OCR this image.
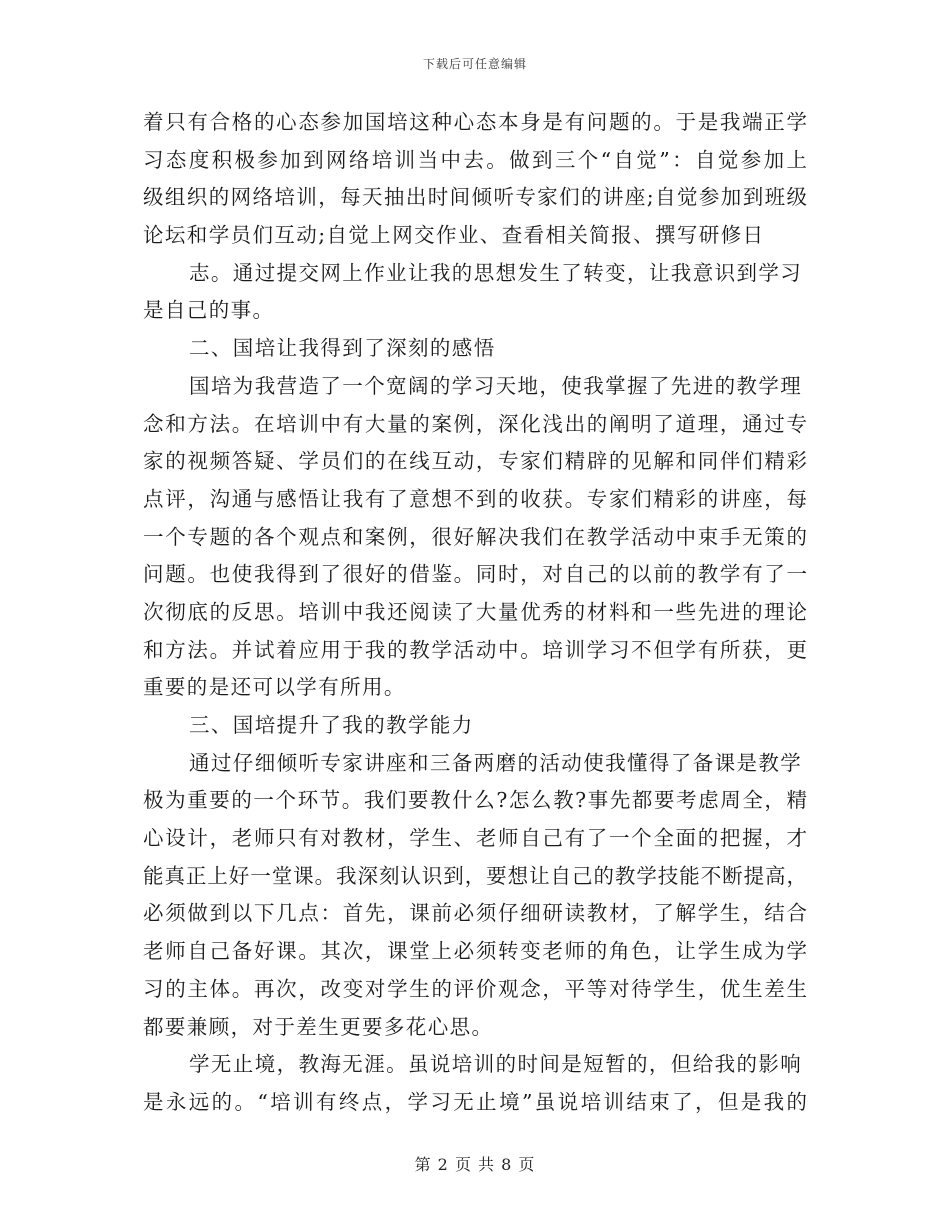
下载后可任意编辑
着只有合格的心态参加国培这种心态本身是有问题的。于是我端正学
习态度积极参加到网络培训当中去。做到三个“自觉”：自觉参加上
级组织的网络培训，每天抽出时间倾听专家们的讲座;自觉参加到班级
论坛和学员们互动;自觉上网交作业、查看相关简报、撰写研修日
志。通过提交网上作业让我的思想发生了转变，让我意识到学习
是自己的事。
二、国培让我得到了深刻的感悟
国培为我营造了一个宽阔的学习天地，使我掌握了先进的教学理
念和方法。在培训中有大量的案例，深化浅出的阐明了道理，通过专
家的视频答疑、学员们的在线互动，专家们精辟的见解和同伴们精彩
点评，沟通与感悟让我有了意想不到的收获。专家们精彩的讲座，每
一个专题的各个观点和案例，很好解决我们在教学活动中束手无策的
问题。也使我得到了很好的借鉴。同时，对自己的以前的教学有了一
次彻底的反思。培训中我还阅读了大量优秀的材料和一些先进的理论
和方法。并试着应用于我的教学活动中。培训学习不但学有所获，更
重要的是还可以学有所用。
三、国培提升了我的教学能力
通过仔细倾听专家讲座和三备两磨的活动使我懂得了备课是教学
极为重要的一个环节。我们要教什么?怎么教?事先都要考虑周全，精
心设计，老师只有对教材，学生、老师自己有了一个全面的把握，才
能真正上好一堂课。我深刻认识到，要想让自己的教学技能不断提高，
必须做到以下几点：首先，课前必须仔细研读教材，了解学生，结合
老师自己备好课。其次，课堂上必须转变老师的角色，让学生成为学
习的主体。再次，改变对学生的评价观念，平等对待学生，优生差生
都要兼顾，对于差生更要多花心思。
学无止境，教海无涯。虽说培训的时间是短暂的，但给我的影响
是永远的。“培训有终点，学习无止境”虽说培训结束了，但是我的
第 2 页 共 8 页
